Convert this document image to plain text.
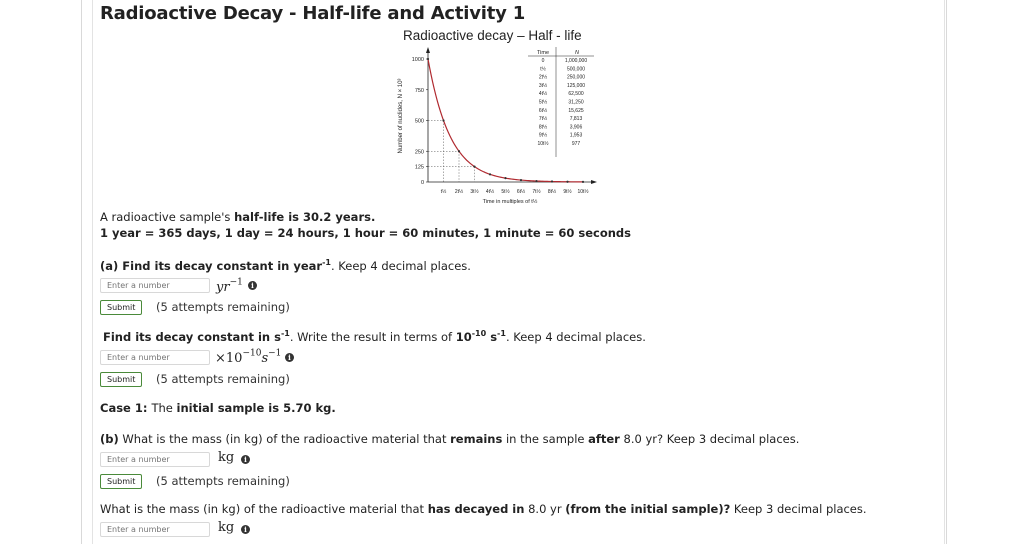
Radioactive Decay - Half-life and Activity 1
Radioactive decay – Half - life
1000
750
500
250
125
0
t½ 2t½ 3t½ 4t½ 5t½ 6t½ 7t½ 8t½ 9t½ 10t½
Number of nuclides, N × 10³
Time in multiples of t½
Time	N
0	1,000,000
t½	500,000
2t½	250,000
3t½	125,000
4t½	62,500
5t½	31,250
6t½	15,625
7t½	7,813
8t½	3,906
9t½	1,953
10t½	977
A radioactive sample's half-life is 30.2 years.
1 year = 365 days, 1 day = 24 hours, 1 hour = 60 minutes, 1 minute = 60 seconds
(a) Find its decay constant in year$^{-1}$. Keep 4 decimal places.
Enter a number
$yr^{-1}$	i
Submit	(5 attempts remaining)
Find its decay constant in $s^{-1}$. Write the result in terms of $10^{-10}$ $s^{-1}$. Keep 4 decimal places.
Enter a number
$\times 10^{-10}s^{-1}$ i
Submit	(5 attempts remaining)
Case 1: The initial sample is 5.70 kg.
(b) What is the mass (in kg) of the radioactive material that remains in the sample after 8.0 yr? Keep 3 decimal places.
Enter a number
kg	i
Submit	(5 attempts remaining)
What is the mass (in kg) of the radioactive material that has decayed in 8.0 yr (from the initial sample)? Keep 3 decimal places.
Enter a number
kg	i
